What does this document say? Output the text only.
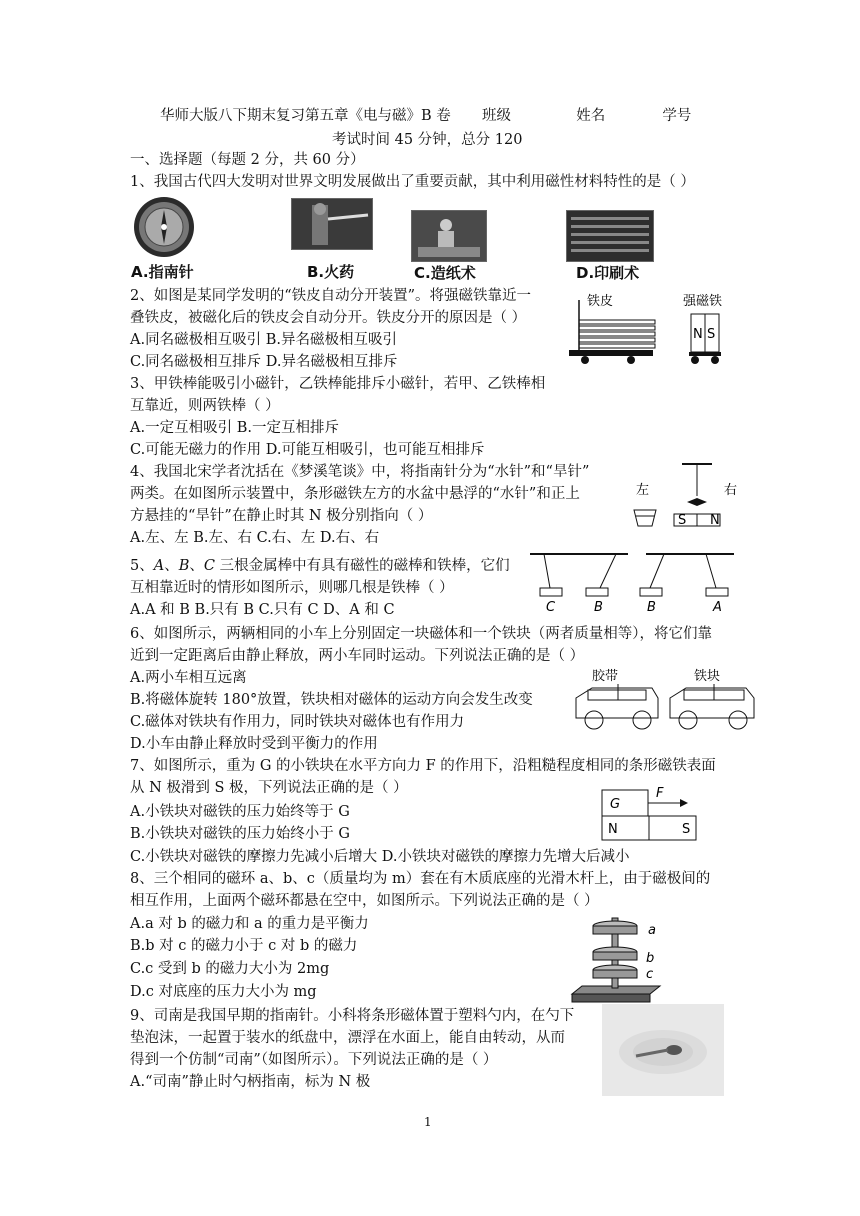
华师大版八下期末复习第五章《电与磁》B 卷 班级	姓名	学号
考试时间 45 分钟，总分 120
一、选择题（每题 2 分，共 60 分）
1、我国古代四大发明对世界文明发展做出了重要贡献，其中利用磁性材料特性的是（ ）
A.指南针	B.火药	C.造纸术	D.印刷术
2、如图是某同学发明的“铁皮自动分开装置”。将强磁铁靠近一
叠铁皮，被磁化后的铁皮会自动分开。铁皮分开的原因是（ ）
A.同名磁极相互吸引 B.异名磁极相互吸引
C.同名磁极相互排斥 D.异名磁极相互排斥
铁皮	强磁铁
N S
3、甲铁棒能吸引小磁针，乙铁棒能排斥小磁针，若甲、乙铁棒相
互靠近，则两铁棒（ ）
A.一定互相吸引 B.一定互相排斥
C.可能无磁力的作用 D.可能互相吸引，也可能互相排斥
4、我国北宋学者沈括在《梦溪笔谈》中，将指南针分为“水针”和“旱针”
两类。在如图所示装置中，条形磁铁左方的水盆中悬浮的“水针”和正上
方悬挂的“旱针”在静止时其 N 极分别指向（ ）
A.左、左 B.左、右 C.右、左 D.右、右
左	右
S N
5、A、B、C 三根金属棒中有具有磁性的磁棒和铁棒，它们
互相靠近时的情形如图所示，则哪几根是铁棒（ ）
A.A 和 B B.只有 B C.只有 C D、A 和 C	C	B	B	A
6、如图所示，两辆相同的小车上分别固定一块磁体和一个铁块（两者质量相等），将它们靠
近到一定距离后由静止释放，两小车同时运动。下列说法正确的是（ ）
A.两小车相互远离
B.将磁体旋转 180°放置，铁块相对磁体的运动方向会发生改变
C.磁体对铁块有作用力，同时铁块对磁体也有作用力
D.小车由静止释放时受到平衡力的作用
胶带	铁块
7、如图所示，重为 G 的小铁块在水平方向力 F 的作用下，沿粗糙程度相同的条形磁铁表面
从 N 极滑到 S 极，下列说法正确的是（ ）
A.小铁块对磁铁的压力始终等于 G
B.小铁块对磁铁的压力始终小于 G
C.小铁块对磁铁的摩擦力先减小后增大 D.小铁块对磁铁的摩擦力先增大后减小
G
F
N	S
8、三个相同的磁环 a、b、c（质量均为 m）套在有木质底座的光滑木杆上，由于磁极间的
相互作用，上面两个磁环都悬在空中，如图所示。下列说法正确的是（ ）
A.a 对 b 的磁力和 a 的重力是平衡力
B.b 对 c 的磁力小于 c 对 b 的磁力
C.c 受到 b 的磁力大小为 2mg
D.c 对底座的压力大小为 mg
a
b
c
9、司南是我国早期的指南针。小科将条形磁体置于塑料勺内，在勺下
垫泡沫，一起置于装水的纸盘中，漂浮在水面上，能自由转动，从而
得到一个仿制“司南”（如图所示）。下列说法正确的是（ ）
A.“司南”静止时勺柄指南，标为 N 极
1
